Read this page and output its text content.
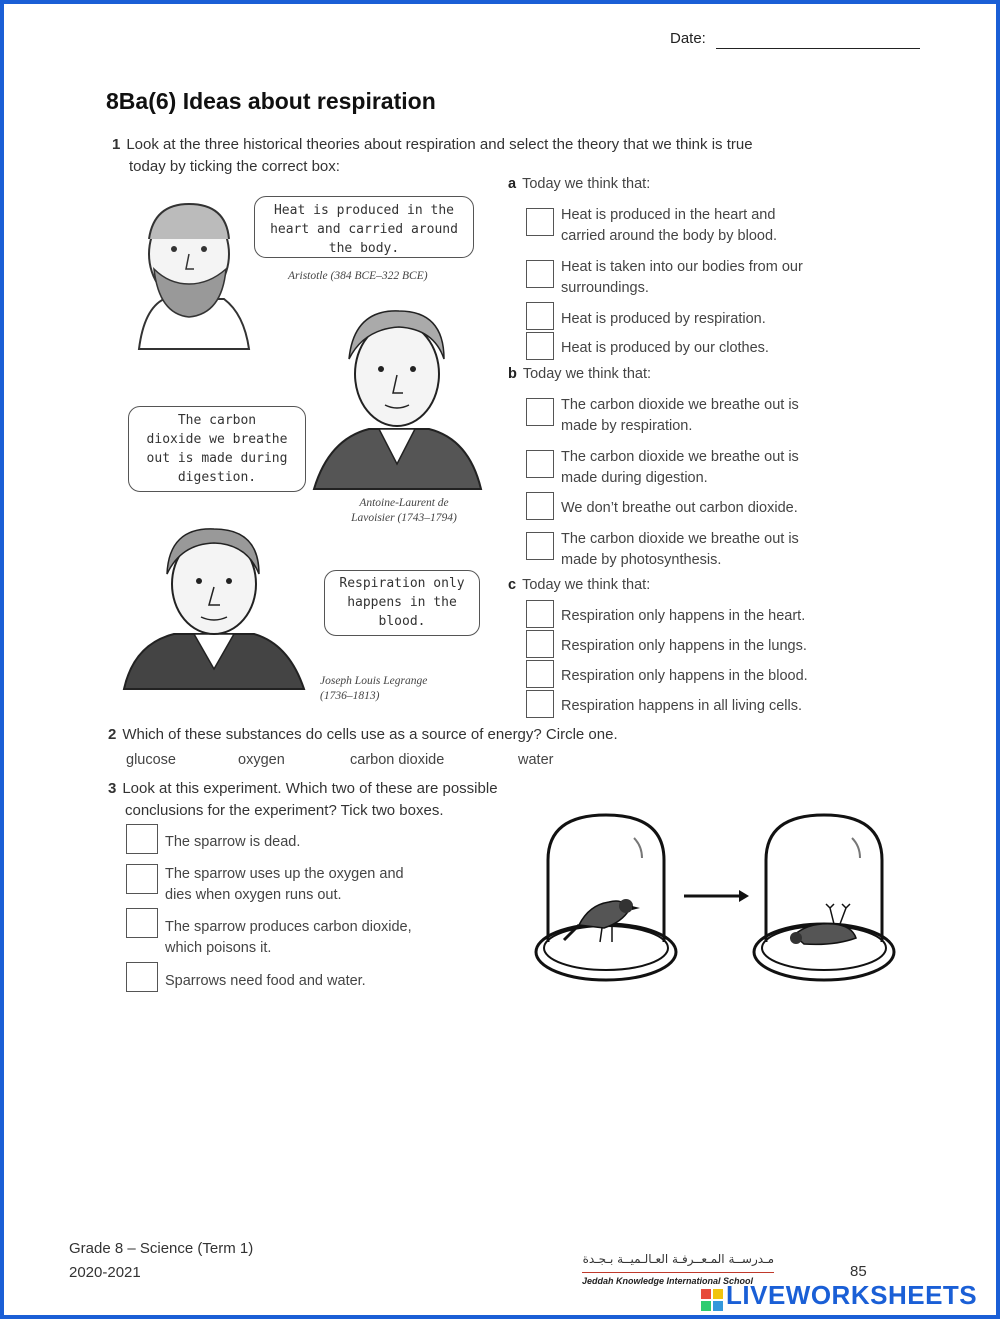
Date:
8Ba(6) Ideas about respiration
1 Look at the three historical theories about respiration and select the theory that we think is true
today by ticking the correct box:
Heat is produced in the
heart and carried around
the body.
Aristotle (384 BCE–322 BCE)
The carbon
dioxide we breathe
out is made during
digestion.
Antoine-Laurent de
Lavoisier (1743–1794)
Respiration only
happens in the
blood.
Joseph Louis Legrange
(1736–1813)
a Today we think that:
Heat is produced in the heart and
carried around the body by blood.
Heat is taken into our bodies from our
surroundings.
Heat is produced by respiration.
Heat is produced by our clothes.
b Today we think that:
The carbon dioxide we breathe out is
made by respiration.
The carbon dioxide we breathe out is
made during digestion.
We don’t breathe out carbon dioxide.
The carbon dioxide we breathe out is
made by photosynthesis.
c Today we think that:
Respiration only happens in the heart.
Respiration only happens in the lungs.
Respiration only happens in the blood.
Respiration happens in all living cells.
2 Which of these substances do cells use as a source of energy? Circle one.
glucose	oxygen	carbon dioxide	water
3 Look at this experiment. Which two of these are possible
conclusions for the experiment? Tick two boxes.
The sparrow is dead.
The sparrow uses up the oxygen and
dies when oxygen runs out.
The sparrow produces carbon dioxide,
which poisons it.
Sparrows need food and water.
Grade 8 – Science (Term 1)
2020-2021
مـدرســة المـعــرفـة العـالـميــة بـجـدة
Jeddah Knowledge International School
85
LIVEWORKSHEETS
